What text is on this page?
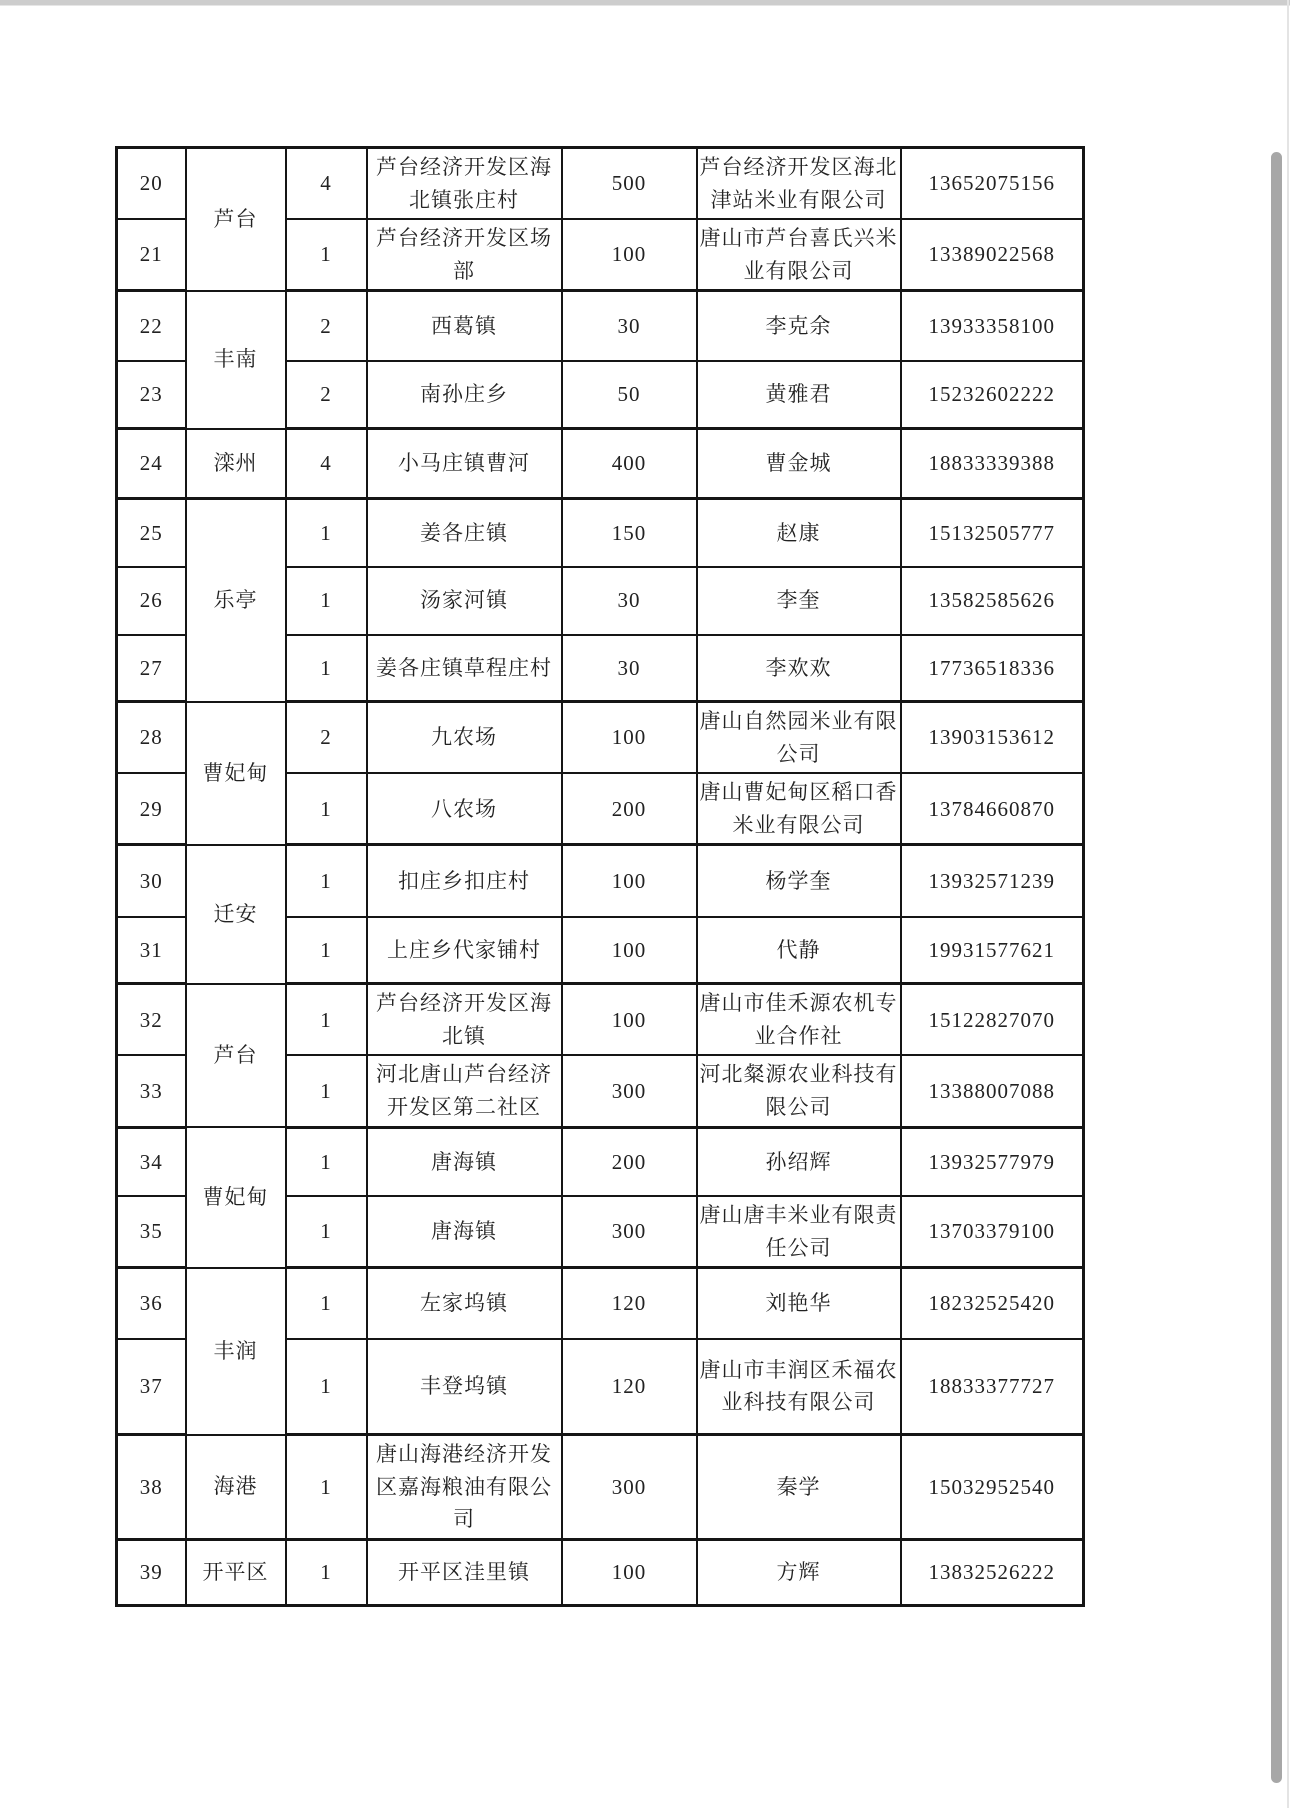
20	芦台	4	芦台经济开发区海北镇张庄村	500	芦台经济开发区海北津站米业有限公司	13652075156
21		1	芦台经济开发区场部	100	唐山市芦台喜氏兴米业有限公司	13389022568
22	丰南	2	西葛镇	30	李克余	13933358100
23		2	南孙庄乡	50	黄雅君	15232602222
24	滦州	4	小马庄镇曹河	400	曹金城	18833339388
25	乐亭	1	姜各庄镇	150	赵康	15132505777
26		1	汤家河镇	30	李奎	13582585626
27		1	姜各庄镇草程庄村	30	李欢欢	17736518336
28	曹妃甸	2	九农场	100	唐山自然园米业有限公司	13903153612
29		1	八农场	200	唐山曹妃甸区稻口香米业有限公司	13784660870
30	迁安	1	扣庄乡扣庄村	100	杨学奎	13932571239
31		1	上庄乡代家铺村	100	代静	19931577621
32	芦台	1	芦台经济开发区海北镇	100	唐山市佳禾源农机专业合作社	15122827070
33		1	河北唐山芦台经济开发区第二社区	300	河北粲源农业科技有限公司	13388007088
34	曹妃甸	1	唐海镇	200	孙绍辉	13932577979
35		1	唐海镇	300	唐山唐丰米业有限责任公司	13703379100
36	丰润	1	左家坞镇	120	刘艳华	18232525420
37		1	丰登坞镇	120	唐山市丰润区禾福农业科技有限公司	18833377727
38	海港	1	唐山海港经济开发区嘉海粮油有限公司	300	秦学	15032952540
39	开平区	1	开平区洼里镇	100	方辉	13832526222
